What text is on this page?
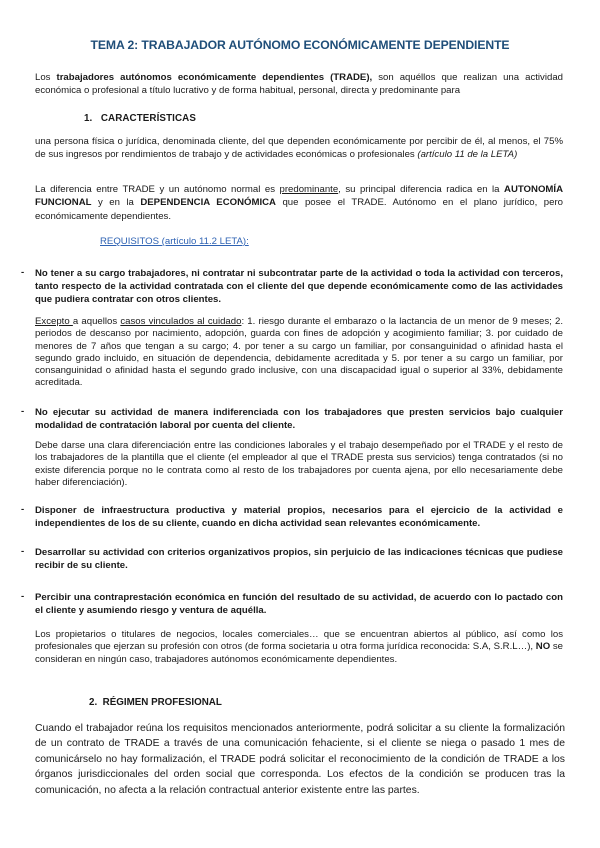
TEMA 2: TRABAJADOR AUTÓNOMO ECONÓMICAMENTE DEPENDIENTE

Los trabajadores autónomos económicamente dependientes (TRADE), son aquéllos que realizan una actividad económica o profesional a título lucrativo y de forma habitual, personal, directa y predominante para

1. CARACTERÍSTICAS

una persona física o jurídica, denominada cliente, del que dependen económicamente por percibir de él, al menos, el 75% de sus ingresos por rendimientos de trabajo y de actividades económicas o profesionales (artículo 11 de la LETA)

La diferencia entre TRADE y un autónomo normal es predominante, su principal diferencia radica en la AUTONOMÍA FUNCIONAL y en la DEPENDENCIA ECONÓMICA que posee el TRADE. Autónomo en el plano jurídico, pero económicamente dependientes.

REQUISITOS (artículo 11.2 LETA):
- No tener a su cargo trabajadores, ni contratar ni subcontratar parte de la actividad o toda la actividad con terceros, tanto respecto de la actividad contratada con el cliente del que depende económicamente como de las actividades que pudiera contratar con otros clientes.

Excepto a aquellos casos vinculados al cuidado: 1. riesgo durante el embarazo o la lactancia de un menor de 9 meses; 2. periodos de descanso por nacimiento, adopción, guarda con fines de adopción y acogimiento familiar; 3. por cuidado de menores de 7 años que tengan a su cargo; 4. por tener a su cargo un familiar, por consanguinidad o afinidad hasta el segundo grado incluido, en situación de dependencia, debidamente acreditada y 5. por tener a su cargo un familiar, por consanguinidad o afinidad hasta el segundo grado inclusive, con una discapacidad igual o superior al 33%, debidamente acreditada.

- No ejecutar su actividad de manera indiferenciada con los trabajadores que presten servicios bajo cualquier modalidad de contratación laboral por cuenta del cliente.

Debe darse una clara diferenciación entre las condiciones laborales y el trabajo desempeñado por el TRADE y el resto de los trabajadores de la plantilla que el cliente (el empleador al que el TRADE presta sus servicios) tenga contratados (si no existe diferencia porque no le contrata como al resto de los trabajadores por cuenta ajena, por ello necesariamente debe haber diferenciación).

- Disponer de infraestructura productiva y material propios, necesarios para el ejercicio de la actividad e independientes de los de su cliente, cuando en dicha actividad sean relevantes económicamente.

- Desarrollar su actividad con criterios organizativos propios, sin perjuicio de las indicaciones técnicas que pudiese recibir de su cliente.

- Percibir una contraprestación económica en función del resultado de su actividad, de acuerdo con lo pactado con el cliente y asumiendo riesgo y ventura de aquélla.

Los propietarios o titulares de negocios, locales comerciales… que se encuentran abiertos al público, así como los profesionales que ejerzan su profesión con otros (de forma societaria u otra forma jurídica reconocida: S.A, S.R.L…), NO se consideran en ningún caso, trabajadores autónomos económicamente dependientes.

2. RÉGIMEN PROFESIONAL

Cuando el trabajador reúna los requisitos mencionados anteriormente, podrá solicitar a su cliente la formalización de un contrato de TRADE a través de una comunicación fehaciente, si el cliente se niega o pasado 1 mes de comunicárselo no hay formalización, el TRADE podrá solicitar el reconocimiento de la condición de TRADE a los órganos jurisdiccionales del orden social que corresponda. Los efectos de la condición se producen tras la comunicación, no afecta a la relación contractual anterior existente entre las partes.
